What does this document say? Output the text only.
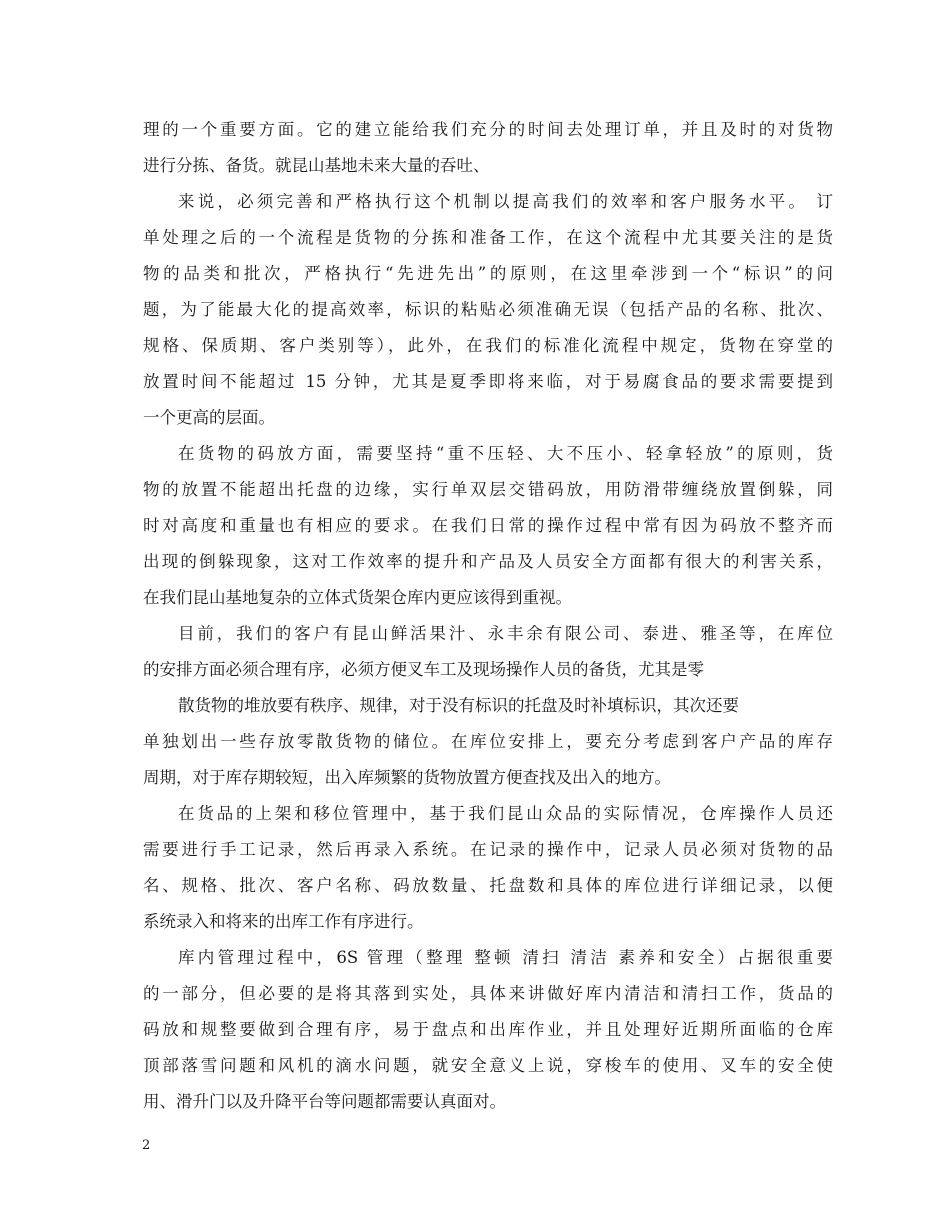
理的一个重要方面。它的建立能给我们充分的时间去处理订单，并且及时的对货物
进行分拣、备货。就昆山基地未来大量的吞吐、
来说，必须完善和严格执行这个机制以提高我们的效率和客户服务水平。 订
单处理之后的一个流程是货物的分拣和准备工作，在这个流程中尤其要关注的是货
物的品类和批次，严格执行“先进先出”的原则，在这里牵涉到一个“标识”的问
题，为了能最大化的提高效率，标识的粘贴必须准确无误（包括产品的名称、批次、
规格、保质期、客户类别等），此外，在我们的标准化流程中规定，货物在穿堂的
放置时间不能超过 15 分钟，尤其是夏季即将来临，对于易腐食品的要求需要提到
一个更高的层面。
在货物的码放方面，需要坚持“重不压轻、大不压小、轻拿轻放”的原则，货
物的放置不能超出托盘的边缘，实行单双层交错码放，用防滑带缠绕放置倒躲，同
时对高度和重量也有相应的要求。在我们日常的操作过程中常有因为码放不整齐而
出现的倒躲现象，这对工作效率的提升和产品及人员安全方面都有很大的利害关系，
在我们昆山基地复杂的立体式货架仓库内更应该得到重视。
目前，我们的客户有昆山鲜活果汁、永丰余有限公司、泰进、雅圣等，在库位
的安排方面必须合理有序，必须方便叉车工及现场操作人员的备货，尤其是零
散货物的堆放要有秩序、规律，对于没有标识的托盘及时补填标识，其次还要
单独划出一些存放零散货物的储位。在库位安排上，要充分考虑到客户产品的库存
周期，对于库存期较短，出入库频繁的货物放置方便查找及出入的地方。
在货品的上架和移位管理中，基于我们昆山众品的实际情况，仓库操作人员还
需要进行手工记录，然后再录入系统。在记录的操作中，记录人员必须对货物的品
名、规格、批次、客户名称、码放数量、托盘数和具体的库位进行详细记录，以便
系统录入和将来的出库工作有序进行。
库内管理过程中，6S 管理（整理 整顿 清扫 清洁 素养和安全）占据很重要
的一部分，但必要的是将其落到实处，具体来讲做好库内清洁和清扫工作，货品的
码放和规整要做到合理有序，易于盘点和出库作业，并且处理好近期所面临的仓库
顶部落雪问题和风机的滴水问题，就安全意义上说，穿梭车的使用、叉车的安全使
用、滑升门以及升降平台等问题都需要认真面对。
2
